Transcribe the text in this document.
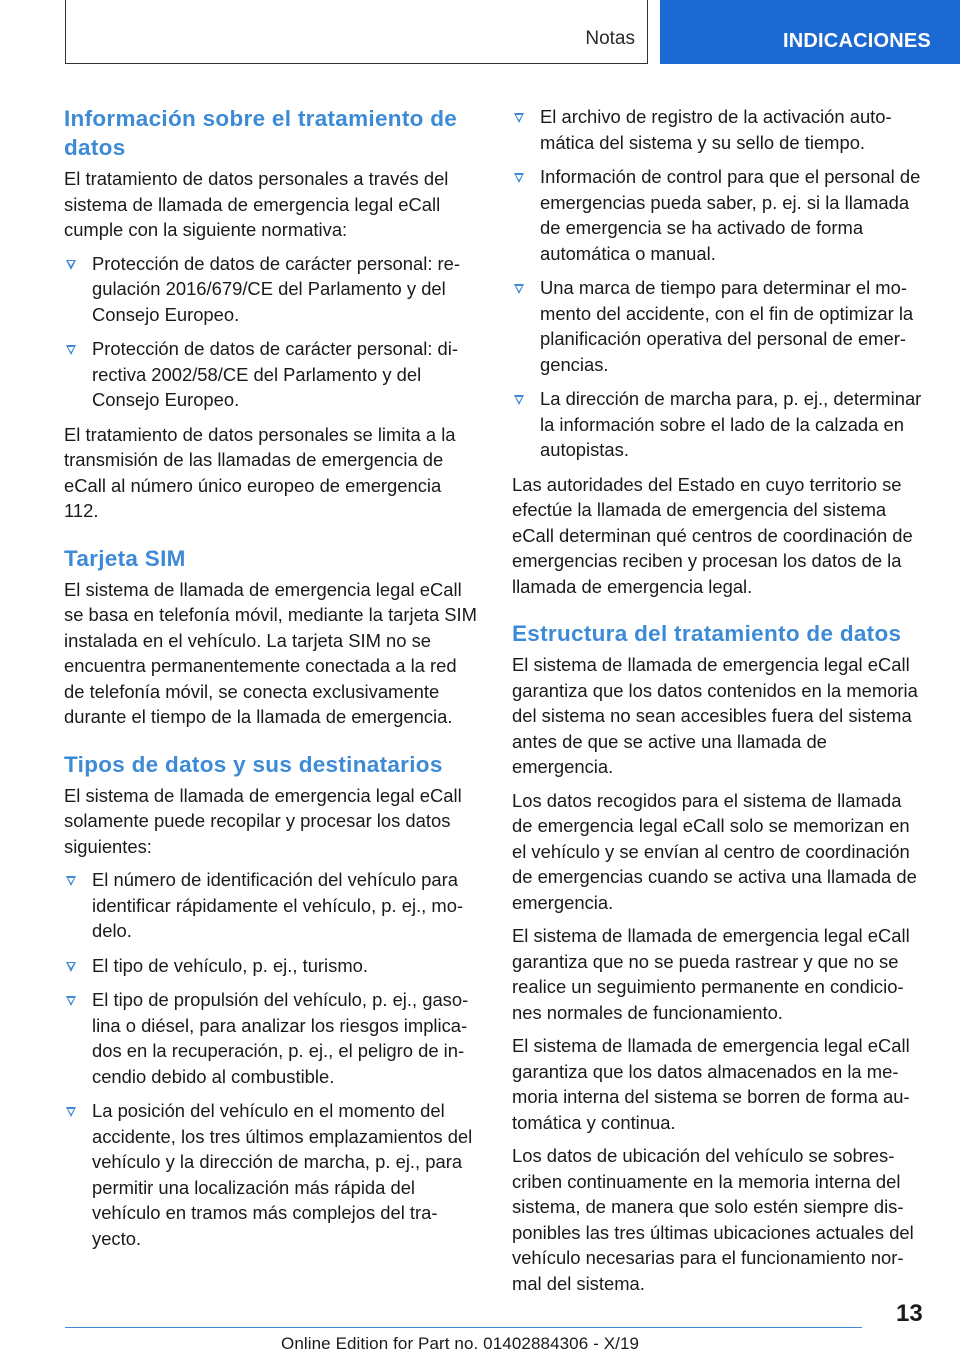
Notas	INDICACIONES
Información sobre el tratamiento de datos

El tratamiento de datos personales a través del sistema de llamada de emergencia legal eCall cumple con la siguiente normativa:

Protección de datos de carácter personal: regulación 2016/679/CE del Parlamento y del Consejo Europeo.
Protección de datos de carácter personal: directiva 2002/58/CE del Parlamento y del Consejo Europeo.

El tratamiento de datos personales se limita a la transmisión de las llamadas de emergencia de eCall al número único europeo de emergencia 112.

Tarjeta SIM

El sistema de llamada de emergencia legal eCall se basa en telefonía móvil, mediante la tarjeta SIM instalada en el vehículo. La tarjeta SIM no se encuentra permanentemente conectada a la red de telefonía móvil, se conecta exclusivamente durante el tiempo de la llamada de emergencia.

Tipos de datos y sus destinatarios

El sistema de llamada de emergencia legal eCall solamente puede recopilar y procesar los datos siguientes:

El número de identificación del vehículo para identificar rápidamente el vehículo, p. ej., modelo.
El tipo de vehículo, p. ej., turismo.
El tipo de propulsión del vehículo, p. ej., gasolina o diésel, para analizar los riesgos implicados en la recuperación, p. ej., el peligro de incendio debido al combustible.
La posición del vehículo en el momento del accidente, los tres últimos emplazamientos del vehículo y la dirección de marcha, p. ej., para permitir una localización más rápida del vehículo en tramos más complejos del trayecto.
El archivo de registro de la activación automática del sistema y su sello de tiempo.
Información de control para que el personal de emergencias pueda saber, p. ej. si la llamada de emergencia se ha activado de forma automática o manual.
Una marca de tiempo para determinar el momento del accidente, con el fin de optimizar la planificación operativa del personal de emergencias.
La dirección de marcha para, p. ej., determinar la información sobre el lado de la calzada en autopistas.

Las autoridades del Estado en cuyo territorio se efectúe la llamada de emergencia del sistema eCall determinan qué centros de coordinación de emergencias reciben y procesan los datos de la llamada de emergencia legal.

Estructura del tratamiento de datos

El sistema de llamada de emergencia legal eCall garantiza que los datos contenidos en la memoria del sistema no sean accesibles fuera del sistema antes de que se active una llamada de emergencia.

Los datos recogidos para el sistema de llamada de emergencia legal eCall solo se memorizan en el vehículo y se envían al centro de coordinación de emergencias cuando se activa una llamada de emergencia.

El sistema de llamada de emergencia legal eCall garantiza que no se pueda rastrear y que no se realice un seguimiento permanente en condiciones normales de funcionamiento.

El sistema de llamada de emergencia legal eCall garantiza que los datos almacenados en la memoria interna del sistema se borren de forma automática y continua.

Los datos de ubicación del vehículo se sobrescriben continuamente en la memoria interna del sistema, de manera que solo estén siempre disponibles las tres últimas ubicaciones actuales del vehículo necesarias para el funcionamiento normal del sistema.

13
Online Edition for Part no. 01402884306 - X/19
